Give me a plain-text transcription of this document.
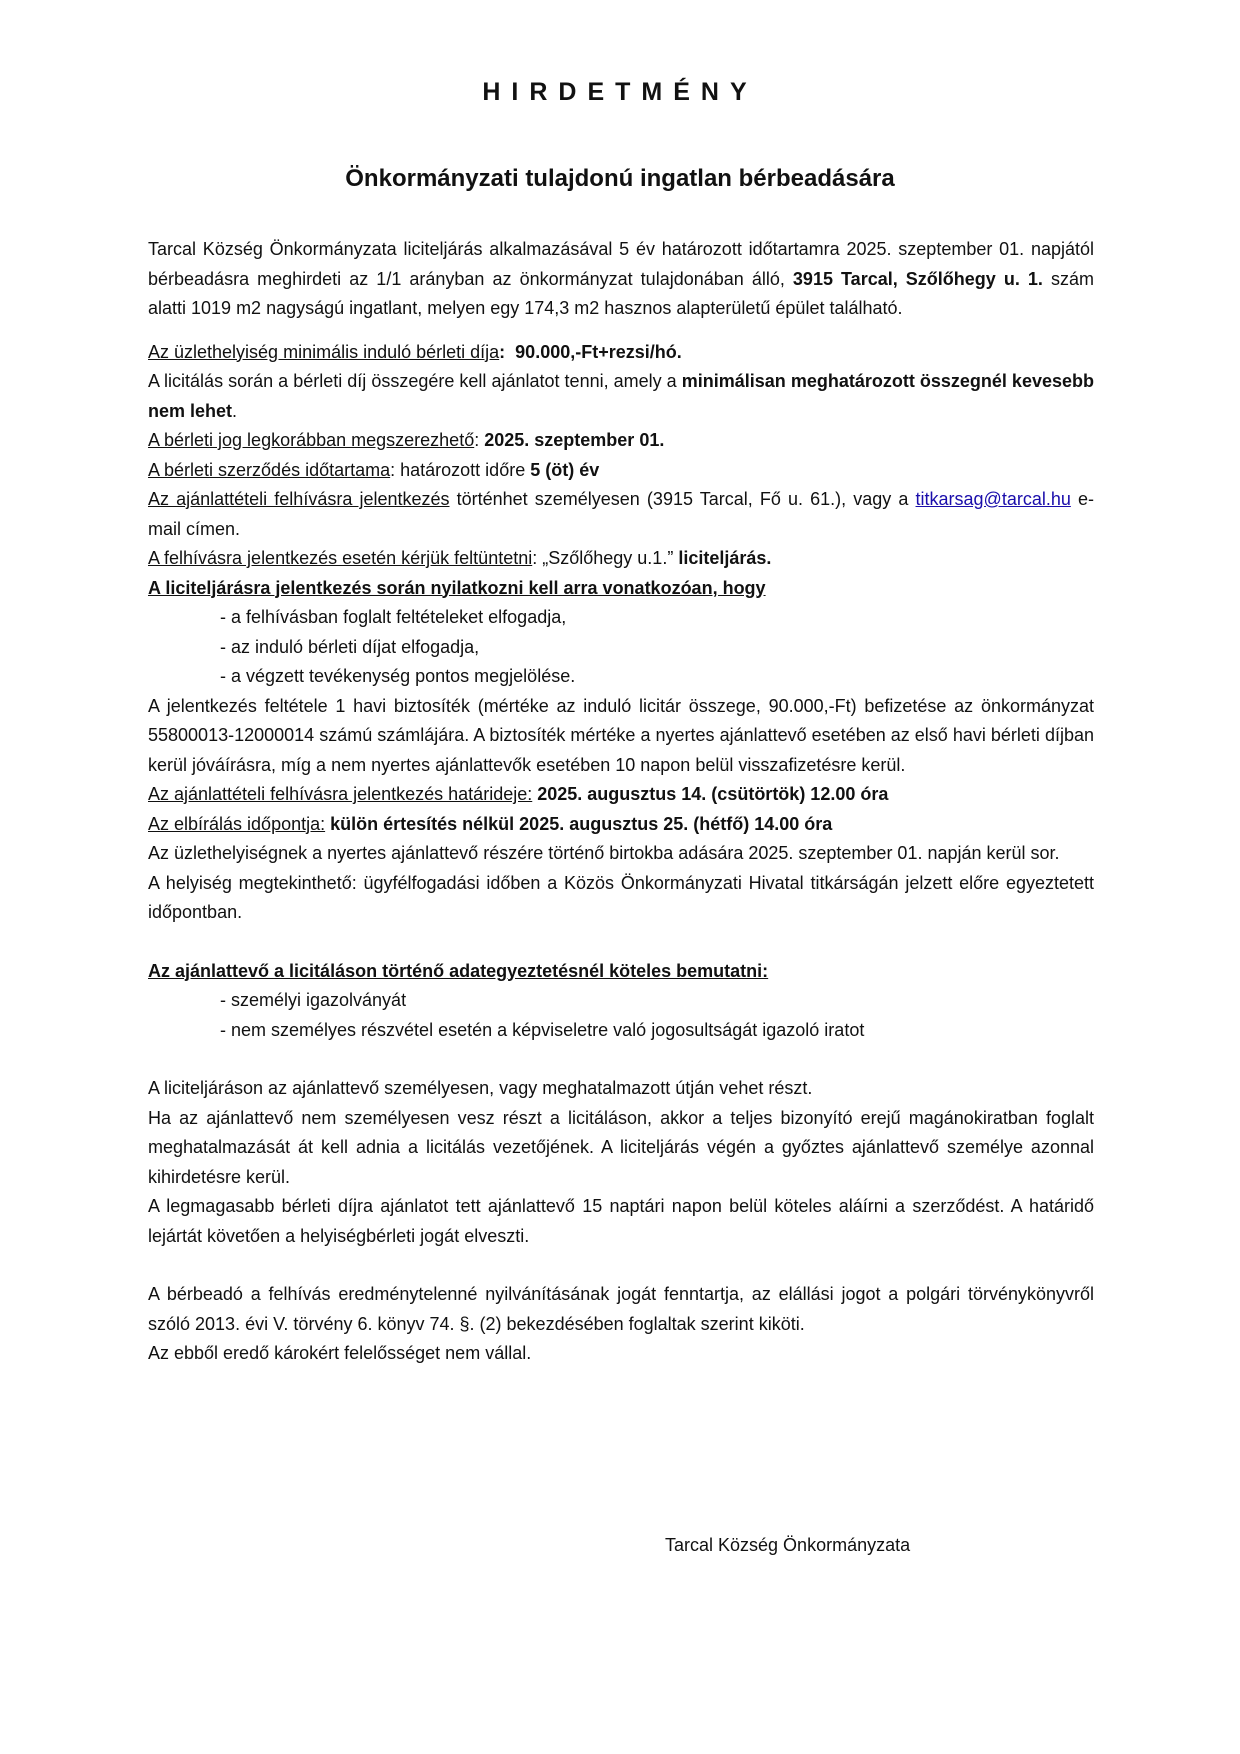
HIRDETMÉNY
Önkormányzati tulajdonú ingatlan bérbeadására

Tarcal Község Önkormányzata liciteljárás alkalmazásával 5 év határozott időtartamra 2025. szeptember 01. napjától bérbeadásra meghirdeti az 1/1 arányban az önkormányzat tulajdonában álló, 3915 Tarcal, Szőlőhegy u. 1. szám alatti 1019 m2 nagyságú ingatlant, melyen egy 174,3 m2 hasznos alapterületű épület található.

Az üzlethelyiség minimális induló bérleti díja:  90.000,-Ft+rezsi/hó.

A licitálás során a bérleti díj összegére kell ajánlatot tenni, amely a minimálisan meghatározott összegnél kevesebb nem lehet.

A bérleti jog legkorábban megszerezhető: 2025. szeptember 01.

A bérleti szerződés időtartama: határozott időre 5 (öt) év

Az ajánlattételi felhívásra jelentkezés történhet személyesen (3915 Tarcal, Fő u. 61.), vagy a titkarsag@tarcal.hu e-mail címen.

A felhívásra jelentkezés esetén kérjük feltüntetni: „Szőlőhegy u.1.” liciteljárás.

A liciteljárásra jelentkezés során nyilatkozni kell arra vonatkozóan, hogy

- a felhívásban foglalt feltételeket elfogadja,

- az induló bérleti díjat elfogadja,

- a végzett tevékenység pontos megjelölése.

A jelentkezés feltétele 1 havi biztosíték (mértéke az induló licitár összege, 90.000,-Ft) befizetése az önkormányzat 55800013-12000014 számú számlájára. A biztosíték mértéke a nyertes ajánlattevő esetében az első havi bérleti díjban kerül jóváírásra, míg a nem nyertes ajánlattevők esetében 10 napon belül visszafizetésre kerül.

Az ajánlattételi felhívásra jelentkezés határideje: 2025. augusztus 14. (csütörtök) 12.00 óra

Az elbírálás időpontja: külön értesítés nélkül 2025. augusztus 25. (hétfő) 14.00 óra

Az üzlethelyiségnek a nyertes ajánlattevő részére történő birtokba adására 2025. szeptember 01. napján kerül sor.

A helyiség megtekinthető: ügyfélfogadási időben a Közös Önkormányzati Hivatal titkárságán jelzett előre egyeztetett időpontban.

Az ajánlattevő a licitáláson történő adategyeztetésnél köteles bemutatni:

- személyi igazolványát

- nem személyes részvétel esetén a képviseletre való jogosultságát igazoló iratot

A liciteljáráson az ajánlattevő személyesen, vagy meghatalmazott útján vehet részt.

Ha az ajánlattevő nem személyesen vesz részt a licitáláson, akkor a teljes bizonyító erejű magánokiratban foglalt meghatalmazását át kell adnia a licitálás vezetőjének. A liciteljárás végén a győztes ajánlattevő személye azonnal kihirdetésre kerül.

A legmagasabb bérleti díjra ajánlatot tett ajánlattevő 15 naptári napon belül köteles aláírni a szerződést. A határidő lejártát követően a helyiségbérleti jogát elveszti.

A bérbeadó a felhívás eredménytelenné nyilvánításának jogát fenntartja, az elállási jogot a polgári törvénykönyvről szóló 2013. évi V. törvény 6. könyv 74. §. (2) bekezdésében foglaltak szerint kiköti.

Az ebből eredő károkért felelősséget nem vállal.

Tarcal Község Önkormányzata
